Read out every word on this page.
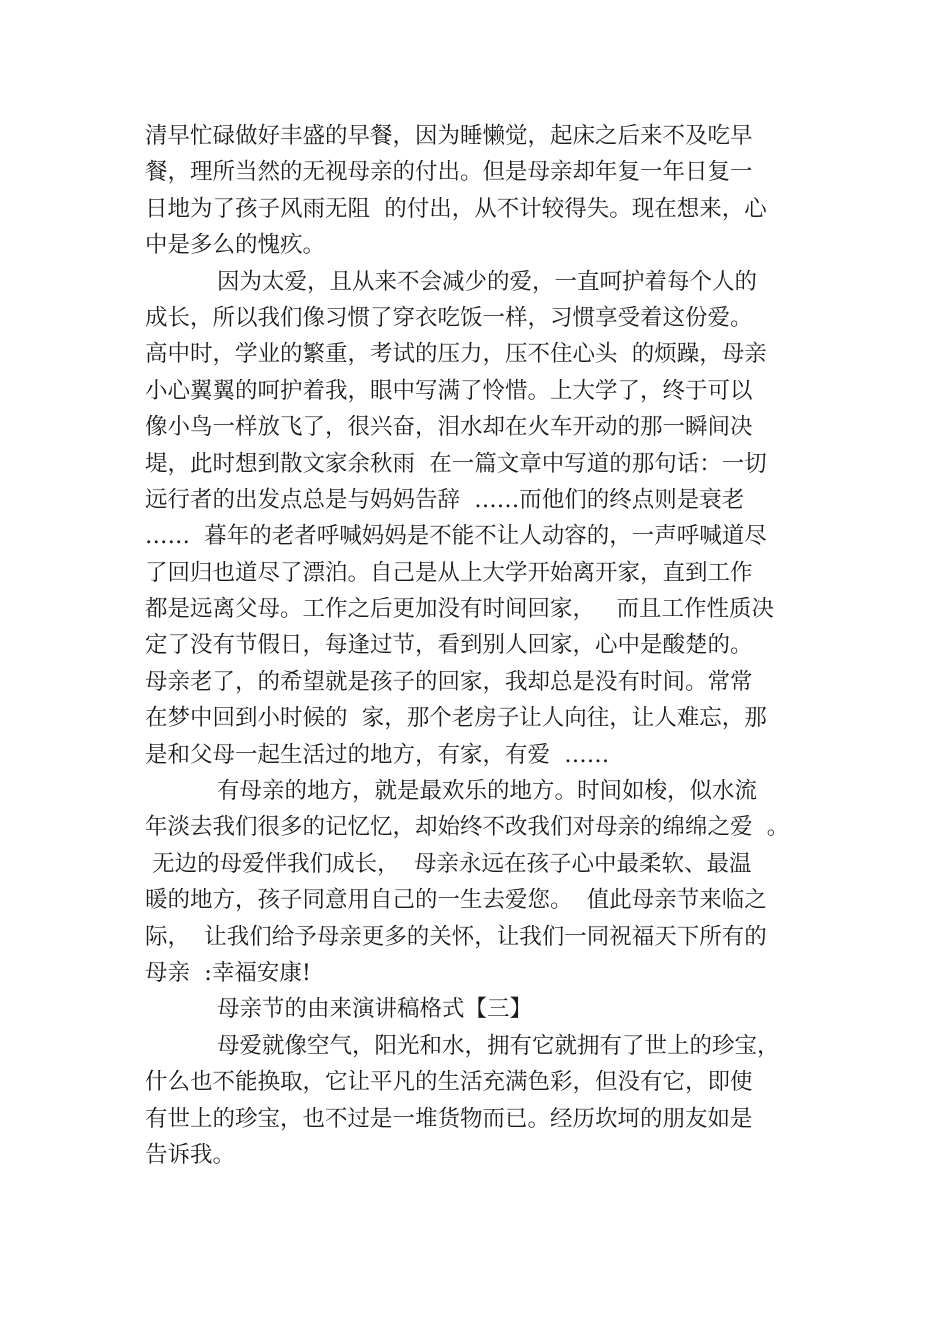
清早忙碌做好丰盛的早餐，因为睡懒觉，起床之后来不及吃早
餐，理所当然的无视母亲的付出。但是母亲却年复一年日复一
日地为了孩子风雨无阻  的付出，从不计较得失。现在想来，心
中是多么的愧疚。
因为太爱，且从来不会减少的爱，一直呵护着每个人的
成长，所以我们像习惯了穿衣吃饭一样，习惯享受着这份爱。
高中时，学业的繁重，考试的压力，压不住心头  的烦躁，母亲
小心翼翼的呵护着我，眼中写满了怜惜。上大学了，终于可以
像小鸟一样放飞了，很兴奋，泪水却在火车开动的那一瞬间决
堤，此时想到散文家余秋雨  在一篇文章中写道的那句话：一切
远行者的出发点总是与妈妈告辞  ……而他们的终点则是衰老
……  暮年的老者呼喊妈妈是不能不让人动容的，一声呼喊道尽
了回归也道尽了漂泊。自己是从上大学开始离开家，直到工作
都是远离父母。工作之后更加没有时间回家，   而且工作性质决
定了没有节假日，每逢过节，看到别人回家，心中是酸楚的。
母亲老了，的希望就是孩子的回家，我却总是没有时间。常常
在梦中回到小时候的  家，那个老房子让人向往，让人难忘，那
是和父母一起生活过的地方，有家，有爱  ……
有母亲的地方，就是最欢乐的地方。时间如梭，似水流
年淡去我们很多的记忆忆，却始终不改我们对母亲的绵绵之爱  。
无边的母爱伴我们成长，  母亲永远在孩子心中最柔软、最温
暖的地方，孩子同意用自己的一生去爱您。  值此母亲节来临之
际，  让我们给予母亲更多的关怀，让我们一同祝福天下所有的
母亲  :幸福安康!
母亲节的由来演讲稿格式【三】
母爱就像空气，阳光和水，拥有它就拥有了世上的珍宝，
什么也不能换取，它让平凡的生活充满色彩，但没有它，即使
有世上的珍宝，也不过是一堆货物而已。经历坎坷的朋友如是
告诉我。
